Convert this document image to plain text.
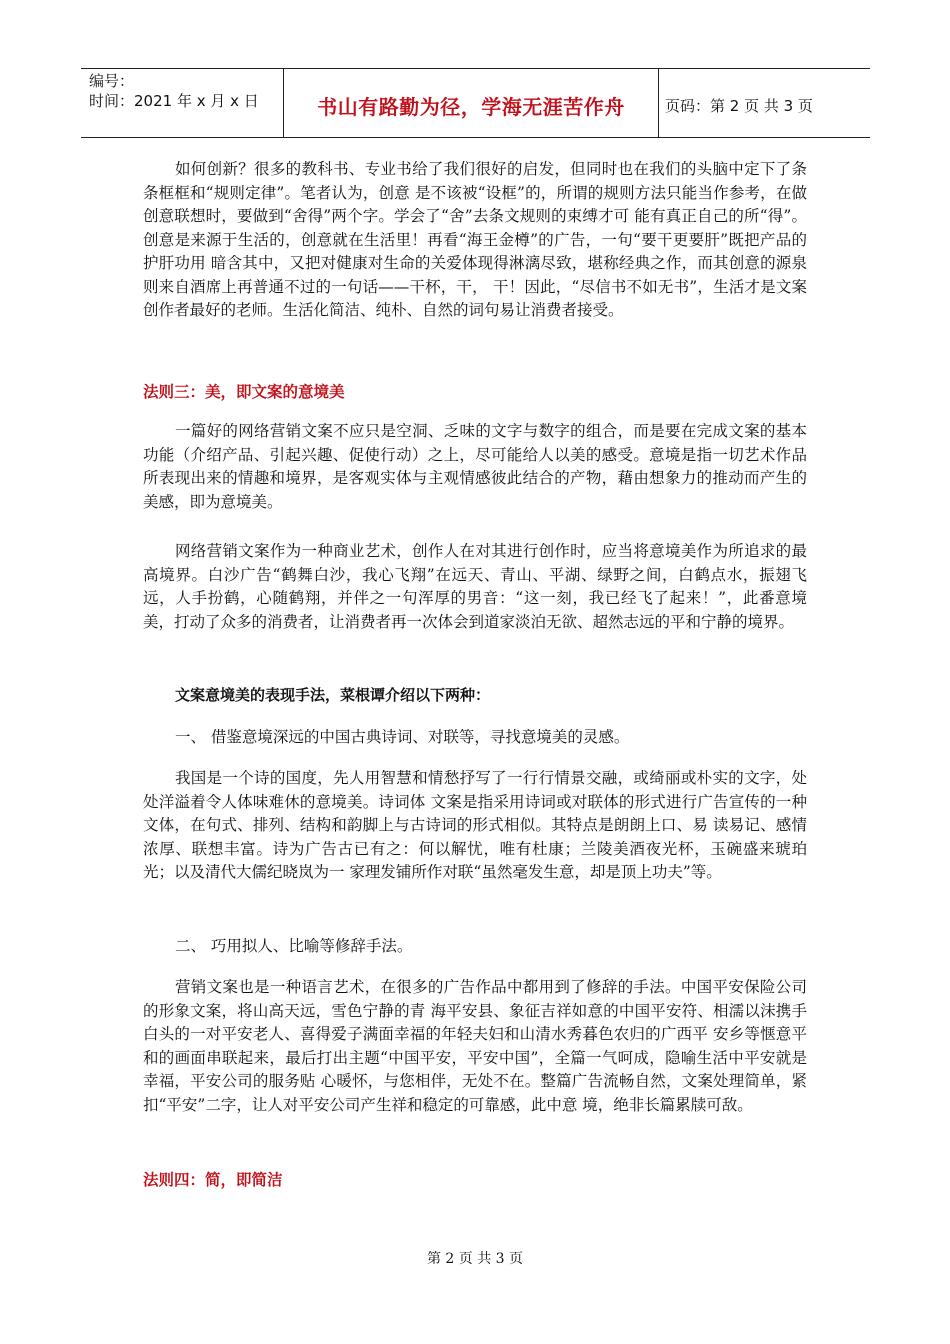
编号：
时间：2021 年 x 月 x 日	书山有路勤为径，学海无涯苦作舟	页码：第 2 页 共 3 页

如何创新？很多的教科书、专业书给了我们很好的启发，但同时也在我们的头脑中定下了条条框框和“规则定律”。笔者认为，创意 是不该被“设框”的，所谓的规则方法只能当作参考，在做创意联想时，要做到“舍得”两个字。学会了“舍”去条文规则的束缚才可 能有真正自己的所“得”。创意是来源于生活的，创意就在生活里！再看“海王金樽”的广告，一句“要干更要肝”既把产品的护肝功用 暗含其中，又把对健康对生命的关爱体现得淋漓尽致，堪称经典之作，而其创意的源泉则来自酒席上再普通不过的一句话——干杯，干， 干！因此，“尽信书不如无书”，生活才是文案创作者最好的老师。生活化简洁、纯朴、自然的词句易让消费者接受。

法则三：美，即文案的意境美

一篇好的网络营销文案不应只是空洞、乏味的文字与数字的组合，而是要在完成文案的基本功能（介绍产品、引起兴趣、促使行动）之上，尽可能给人以美的感受。意境是指一切艺术作品所表现出来的情趣和境界，是客观实体与主观情感彼此结合的产物，藉由想象力的推动而产生的美感，即为意境美。

网络营销文案作为一种商业艺术，创作人在对其进行创作时，应当将意境美作为所追求的最高境界。白沙广告“鹤舞白沙，我心飞翔”在远天、青山、平湖、绿野之间，白鹤点水，振翅飞远，人手扮鹤，心随鹤翔，并伴之一句浑厚的男音：“这一刻，我已经飞了起来！”，此番意境美，打动了众多的消费者，让消费者再一次体会到道家淡泊无欲、超然志远的平和宁静的境界。

文案意境美的表现手法，菜根谭介绍以下两种：

一、 借鉴意境深远的中国古典诗词、对联等，寻找意境美的灵感。

我国是一个诗的国度，先人用智慧和情愁抒写了一行行情景交融，或绮丽或朴实的文字，处处洋溢着令人体味难休的意境美。诗词体 文案是指采用诗词或对联体的形式进行广告宣传的一种文体，在句式、排列、结构和韵脚上与古诗词的形式相似。其特点是朗朗上口、易 读易记、感情浓厚、联想丰富。诗为广告古已有之：何以解忧，唯有杜康；兰陵美酒夜光杯，玉碗盛来琥珀光；以及清代大儒纪晓岚为一 家理发铺所作对联“虽然毫发生意，却是顶上功夫”等。

二、 巧用拟人、比喻等修辞手法。

营销文案也是一种语言艺术，在很多的广告作品中都用到了修辞的手法。中国平安保险公司的形象文案，将山高天远，雪色宁静的青 海平安县、象征吉祥如意的中国平安符、相濡以沫携手白头的一对平安老人、喜得爱子满面幸福的年轻夫妇和山清水秀暮色农归的广西平 安乡等惬意平和的画面串联起来，最后打出主题“中国平安，平安中国”，全篇一气呵成，隐喻生活中平安就是幸福，平安公司的服务贴 心暖怀，与您相伴，无处不在。整篇广告流畅自然，文案处理简单，紧扣“平安”二字，让人对平安公司产生祥和稳定的可靠感，此中意 境，绝非长篇累牍可敌。

法则四：简，即简洁

第 2 页 共 3 页
